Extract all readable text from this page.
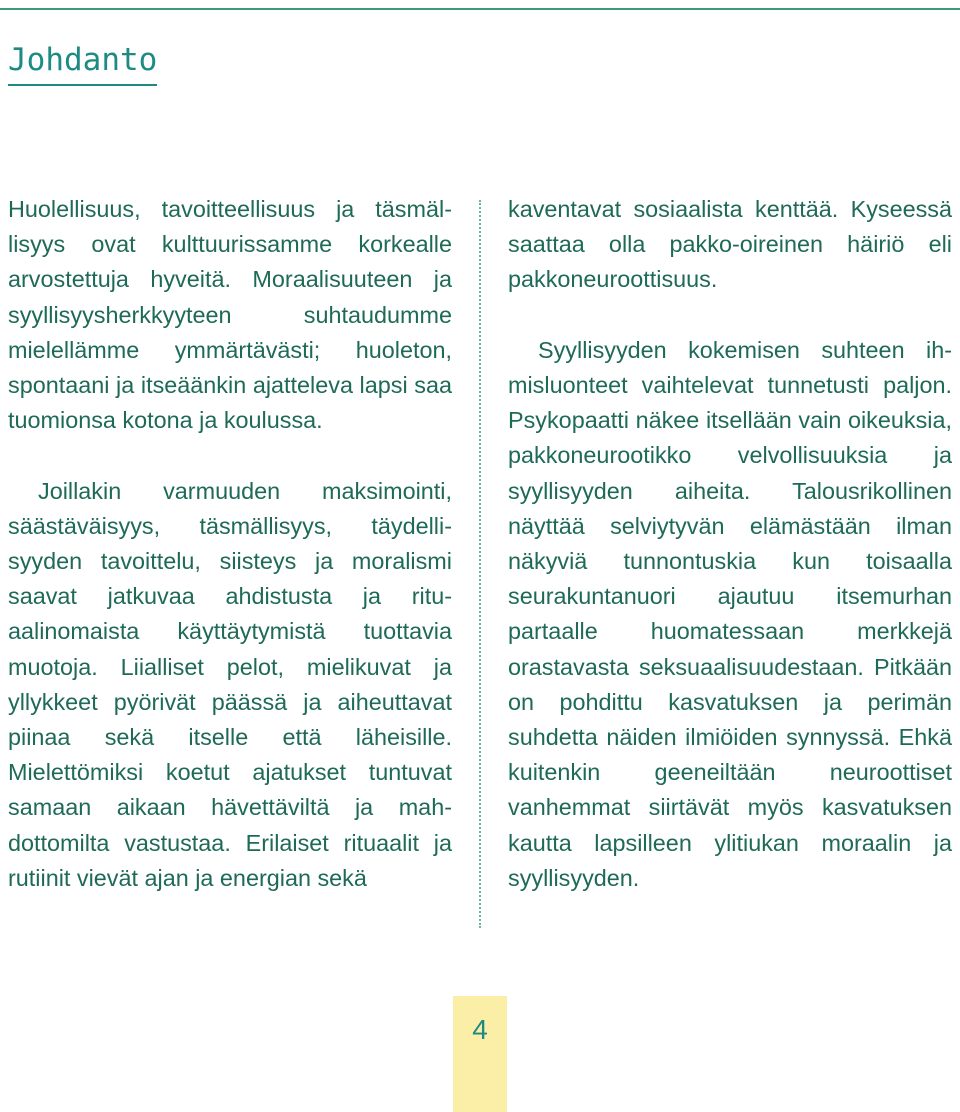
Johdanto

Huolellisuus, tavoitteellisuus ja täsmällisyys ovat kulttuurissamme korkealle arvostettuja hyveitä. Moraalisuuteen ja syyllisyysherkkyyteen suhtaudumme mielellämme ymmärtävästi; huoleton, spontaani ja itseäänkin ajatteleva lapsi saa tuomionsa kotona ja koulussa.

Joillakin varmuuden maksimointi, säästäväisyys, täsmällisyys, täydellisyyden tavoittelu, siisteys ja moralismi saavat jatkuvaa ahdistusta ja rituaalinomaista käyttäytymistä tuottavia muotoja. Liialliset pelot, mielikuvat ja yllykkeet pyörivät päässä ja aiheuttavat piinaa sekä itselle että läheisille. Mielettömiksi koetut ajatukset tuntuvat samaan aikaan hävettäviltä ja mahdottomilta vastustaa. Erilaiset rituaalit ja rutiinit vievät ajan ja energian sekä

kaventavat sosiaalista kenttää. Kyseessä saattaa olla pakko-oireinen häiriö eli pakkoneuroottisuus.

Syyllisyyden kokemisen suhteen ihmisluonteet vaihtelevat tunnetusti paljon. Psykopaatti näkee itsellään vain oikeuksia, pakkoneurootikko velvollisuuksia ja syyllisyyden aiheita. Talousrikollinen näyttää selviytyvän elämästään ilman näkyviä tunnontuskia kun toisaalla seurakuntanuori ajautuu itsemurhan partaalle huomatessaan merkkejä orastavasta seksuaalisuudestaan. Pitkään on pohdittu kasvatuksen ja perimän suhdetta näiden ilmiöiden synnyssä. Ehkä kuitenkin geeneiltään neuroottiset vanhemmat siirtävät myös kasvatuksen kautta lapsilleen ylitiukan moraalin ja syyllisyyden.

4
